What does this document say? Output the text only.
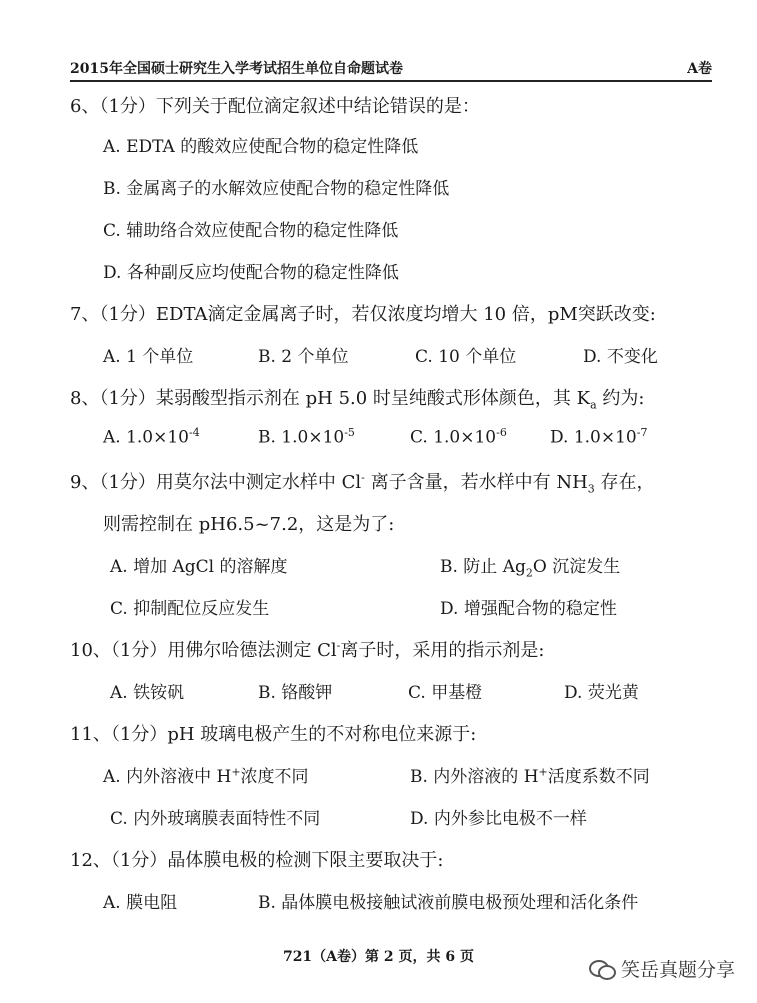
2015年全国硕士研究生入学考试招生单位自命题试卷	A卷
6、（1分）下列关于配位滴定叙述中结论错误的是：
A. EDTA 的酸效应使配合物的稳定性降低
B. 金属离子的水解效应使配合物的稳定性降低
C. 辅助络合效应使配合物的稳定性降低
D. 各种副反应均使配合物的稳定性降低
7、（1分）EDTA滴定金属离子时，若仅浓度均增大 10 倍，pM突跃改变:
A. 1 个单位	B. 2 个单位	C. 10 个单位	D. 不变化
8、（1分）某弱酸型指示剂在 pH 5.0 时呈纯酸式形体颜色，其 $K_a$ 约为:
A. $1.0\times 10^{-4}$	B. $1.0\times 10^{-5}$	C. $1.0\times 10^{-6}$	D. $1.0\times 10^{-7}$
9、（1分）用莫尔法中测定水样中 Cl- 离子含量，若水样中有 $NH_3$ 存在，
则需控制在 pH6.5~7.2，这是为了:
A. 增加 AgCl 的溶解度	B. 防止 $Ag_2O$ 沉淀发生
C. 抑制配位反应发生	D. 增强配合物的稳定性
10、（1分）用佛尔哈德法测定 Cl-离子时，采用的指示剂是:
A. 铁铵矾	B. 铬酸钾	C. 甲基橙	D. 荧光黄
11、（1分）pH 玻璃电极产生的不对称电位来源于:
A. 内外溶液中 H+浓度不同	B. 内外溶液的 H+活度系数不同
C. 内外玻璃膜表面特性不同	D. 内外参比电极不一样
12、（1分）晶体膜电极的检测下限主要取决于:
A. 膜电阻	B. 晶体膜电极接触试液前膜电极预处理和活化条件
721（A卷）第 2 页，共 6 页
笑岳真题分享
